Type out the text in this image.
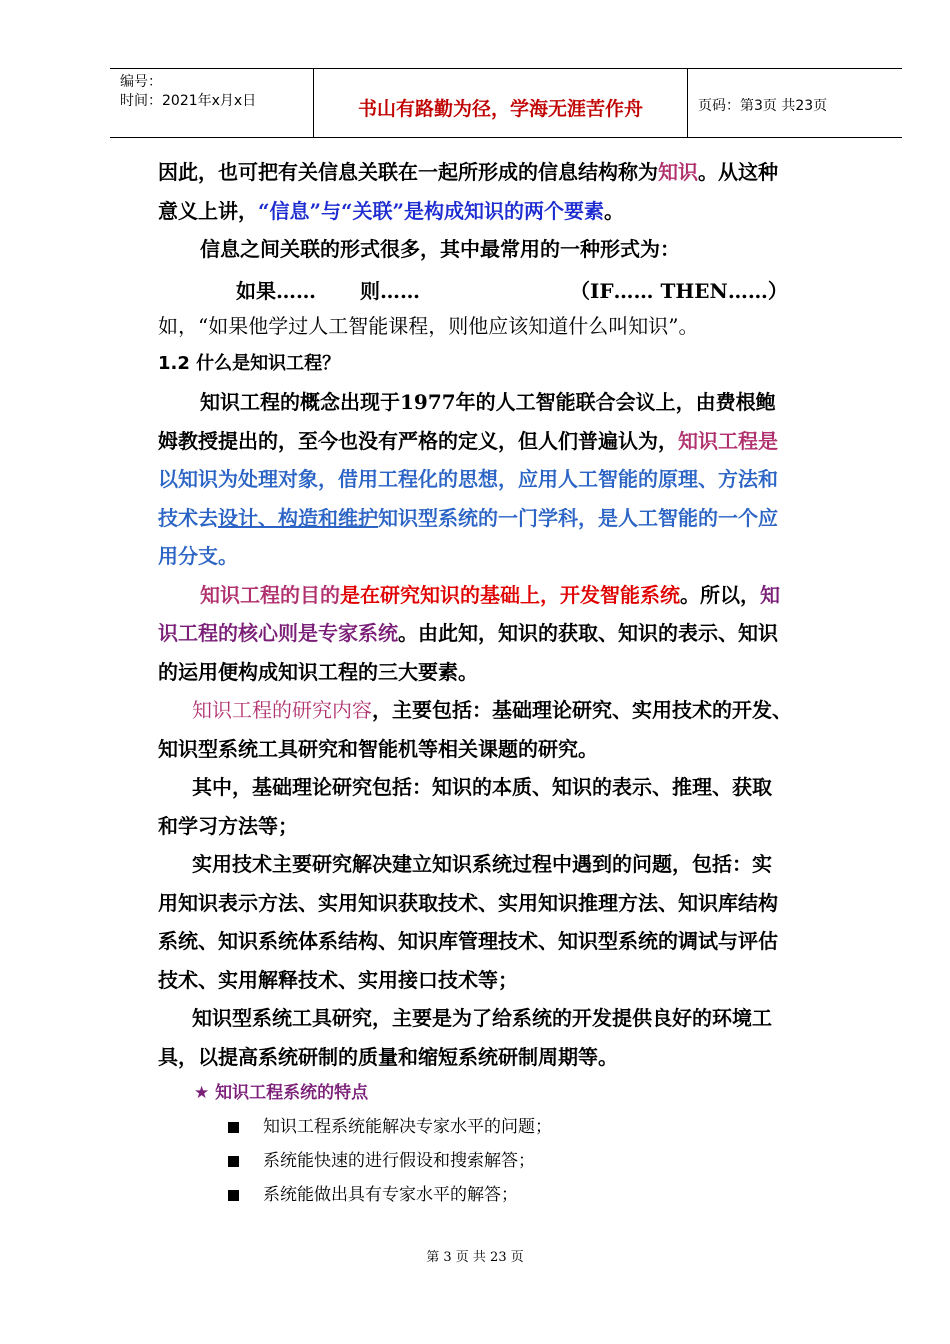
编号：
时间：2021年x月x日	书山有路勤为径，学海无涯苦作舟	页码：第3页 共23页

因此，也可把有关信息关联在一起所形成的信息结构称为知识。从这种

意义上讲，“信息”与“关联”是构成知识的两个要素。

信息之间关联的形式很多，其中最常用的一种形式为：

如果…… 则……	（IF…… THEN……）

如，“如果他学过人工智能课程，则他应该知道什么叫知识”。

1.2 什么是知识工程？

知识工程的概念出现于1977年的人工智能联合会议上，由费根鲍

姆教授提出的，至今也没有严格的定义，但人们普遍认为，知识工程是

以知识为处理对象，借用工程化的思想，应用人工智能的原理、方法和

技术去设计、构造和维护知识型系统的一门学科，是人工智能的一个应

用分支。

知识工程的目的是在研究知识的基础上，开发智能系统。所以，知

识工程的核心则是专家系统。由此知，知识的获取、知识的表示、知识

的运用便构成知识工程的三大要素。

知识工程的研究内容，主要包括：基础理论研究、实用技术的开发、

知识型系统工具研究和智能机等相关课题的研究。

其中，基础理论研究包括：知识的本质、知识的表示、推理、获取

和学习方法等；

实用技术主要研究解决建立知识系统过程中遇到的问题，包括：实

用知识表示方法、实用知识获取技术、实用知识推理方法、知识库结构

系统、知识系统体系结构、知识库管理技术、知识型系统的调试与评估

技术、实用解释技术、实用接口技术等；

知识型系统工具研究，主要是为了给系统的开发提供良好的环境工

具，以提高系统研制的质量和缩短系统研制周期等。

★ 知识工程系统的特点

知识工程系统能解决专家水平的问题；

系统能快速的进行假设和搜索解答；

系统能做出具有专家水平的解答；

第 3 页 共 23 页
